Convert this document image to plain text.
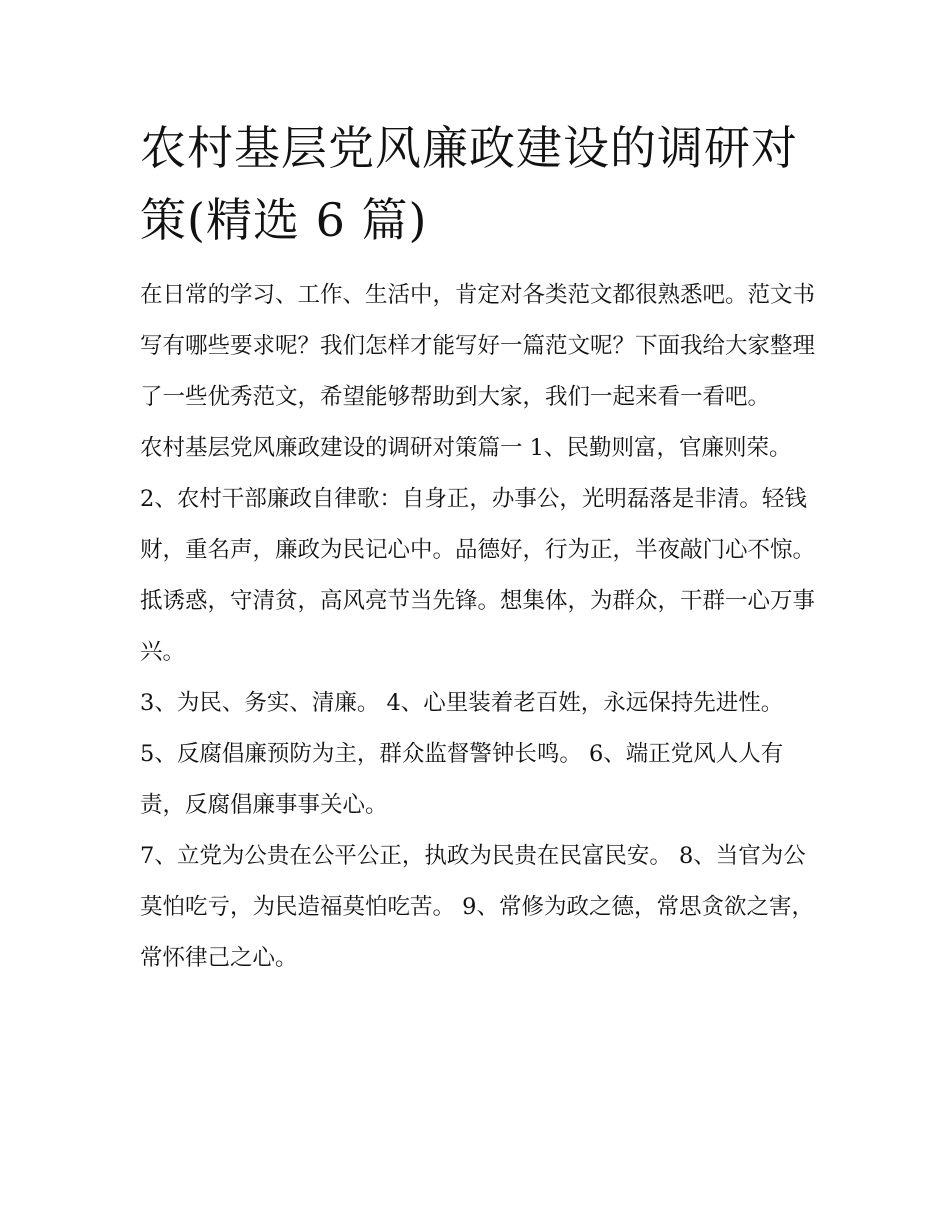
农村基层党风廉政建设的调研对策(精选 6 篇)

在日常的学习、工作、生活中，肯定对各类范文都很熟悉吧。范文书写有哪些要求呢？我们怎样才能写好一篇范文呢？下面我给大家整理了一些优秀范文，希望能够帮助到大家，我们一起来看一看吧。

农村基层党风廉政建设的调研对策篇一 1、民勤则富，官廉则荣。

2、农村干部廉政自律歌：自身正，办事公，光明磊落是非清。轻钱财，重名声，廉政为民记心中。品德好，行为正，半夜敲门心不惊。抵诱惑，守清贫，高风亮节当先锋。想集体，为群众，干群一心万事兴。

3、为民、务实、清廉。 4、心里装着老百姓，永远保持先进性。 5、反腐倡廉预防为主，群众监督警钟长鸣。 6、端正党风人人有责，反腐倡廉事事关心。

7、立党为公贵在公平公正，执政为民贵在民富民安。 8、当官为公莫怕吃亏，为民造福莫怕吃苦。 9、常修为政之德，常思贪欲之害，常怀律己之心。
